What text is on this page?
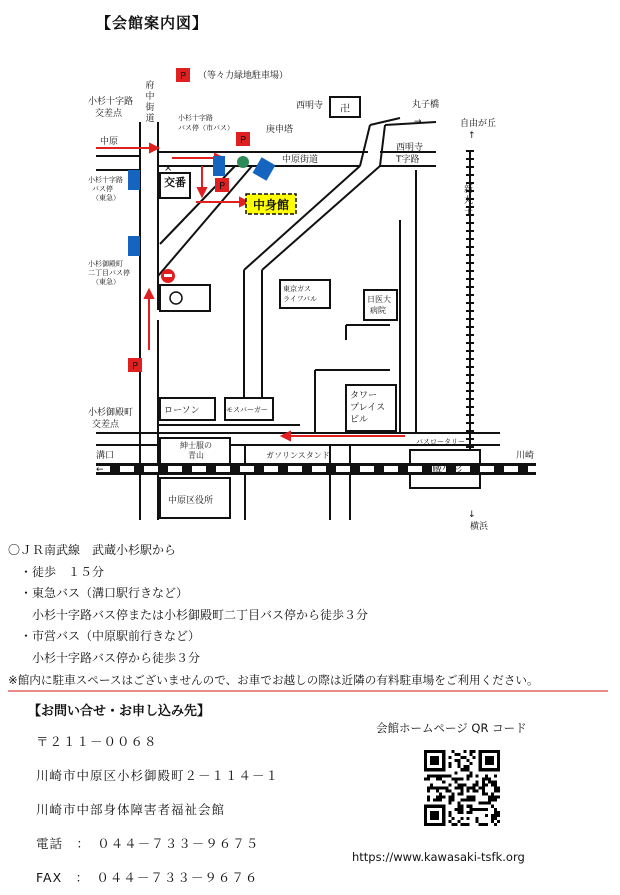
【会館案内図】
P
P
P
P
中身館
（等々力緑地駐車場）
小杉十字路
交差点
府
中
街
道
中原
中原街道
西明寺 卍	丸子橋
→
西明寺
T字路
自由が丘
↑
庚申塔
小杉十字路
バス停（市バス）
小杉十字路
バス停
（東急）
×
交番
新
丸
子
東京ガス
ライフバル	日医大
病院
小杉御殿町
二丁目バス停
（東急）
タワー
プレイス
ビル
ローソン	モスバーガー
小杉御殿町
交差点
バスロータリー
紳士服の
青山	ガソリンスタンド
武蔵小杉
溝口
←
川崎
→
中原区役所
↓
横浜
〇ＪＲ南武線　武蔵小杉駅から
・徒歩　１５分
・東急バス（溝口駅行きなど）
　小杉十字路バス停または小杉御殿町二丁目バス停から徒歩３分
・市営バス（中原駅前行きなど）
　小杉十字路バス停から徒歩３分
※館内に駐車スペースはございませんので、お車でお越しの際は近隣の有料駐車場をご利用ください。
【お問い合せ・お申し込み先】
〒２１１－００６８
川崎市中原区小杉御殿町２－１１４－１
川崎市中部身体障害者福祉会館
電話　：　０４４－７３３－９６７５
FAX　：　０４４－７３３－９６７６
会館ホームページ QR コード
https://www.kawasaki-tsfk.org
